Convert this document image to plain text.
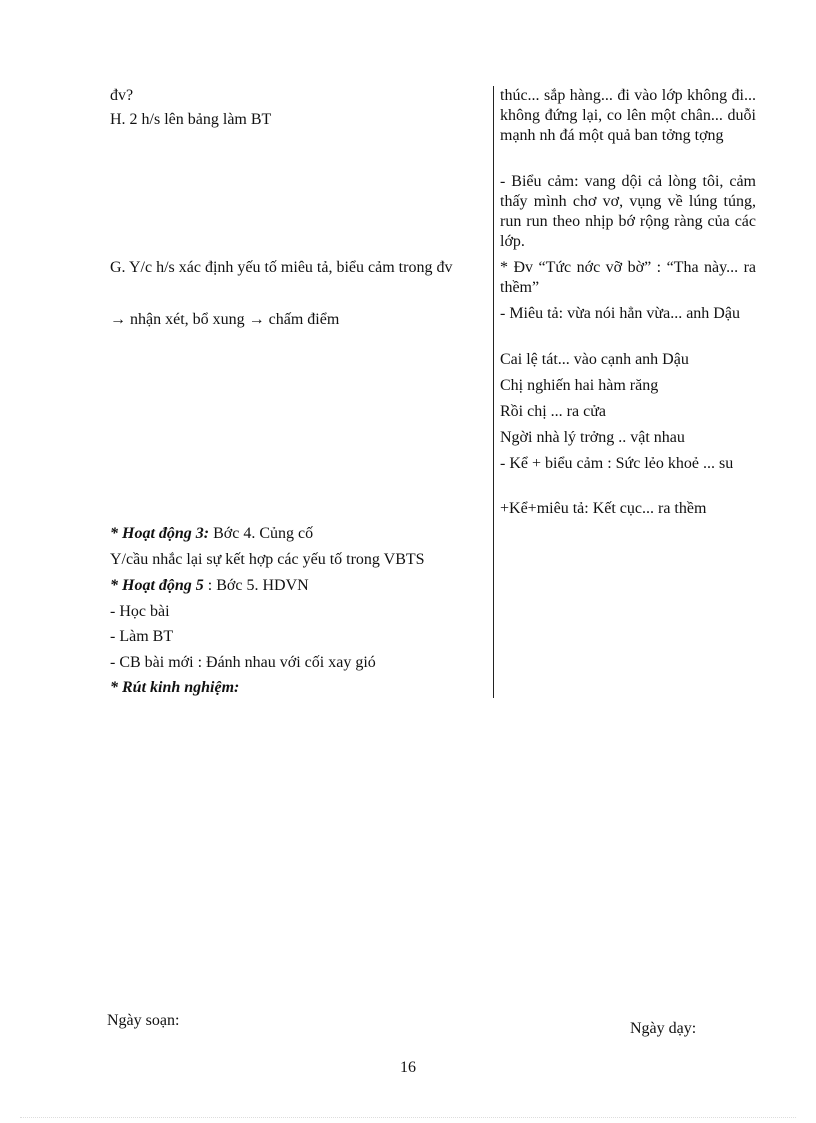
đv?

H. 2 h/s lên bảng làm BT

G. Y/c h/s xác định yếu tố miêu tả, biểu cảm trong đv

→ nhận xét, bổ xung → chấm điểm

* Hoạt động 3: Bớc 4. Củng cố

Y/cầu nhắc lại sự kết hợp các yếu tố trong VBTS

* Hoạt động 5 : Bớc 5. HDVN

- Học bài

- Làm BT

- CB bài mới : Đánh nhau với cối xay gió

* Rút kinh nghiệm:

thúc... sắp hàng... đi vào lớp không đi... không đứng lại, co lên một chân... duỗi mạnh nh đá một quả ban tởng tợng

- Biểu cảm: vang dội cả lòng tôi, cảm thấy mình chơ vơ, vụng về lúng túng, run run theo nhịp bớ rộng ràng của các lớp.

* Đv “Tức nớc vỡ bờ” : “Tha này... ra thềm”

- Miêu tả: vừa nói hẳn vừa... anh Dậu

Cai lệ tát... vào cạnh anh Dậu

Chị nghiến hai hàm răng

Rồi chị ... ra cửa

Ngời nhà lý trởng .. vật nhau

- Kể + biểu cảm : Sức lẻo khoẻ ... su

+Kể+miêu tả: Kết cục... ra thềm

Ngày soạn:	Ngày dạy:
16
